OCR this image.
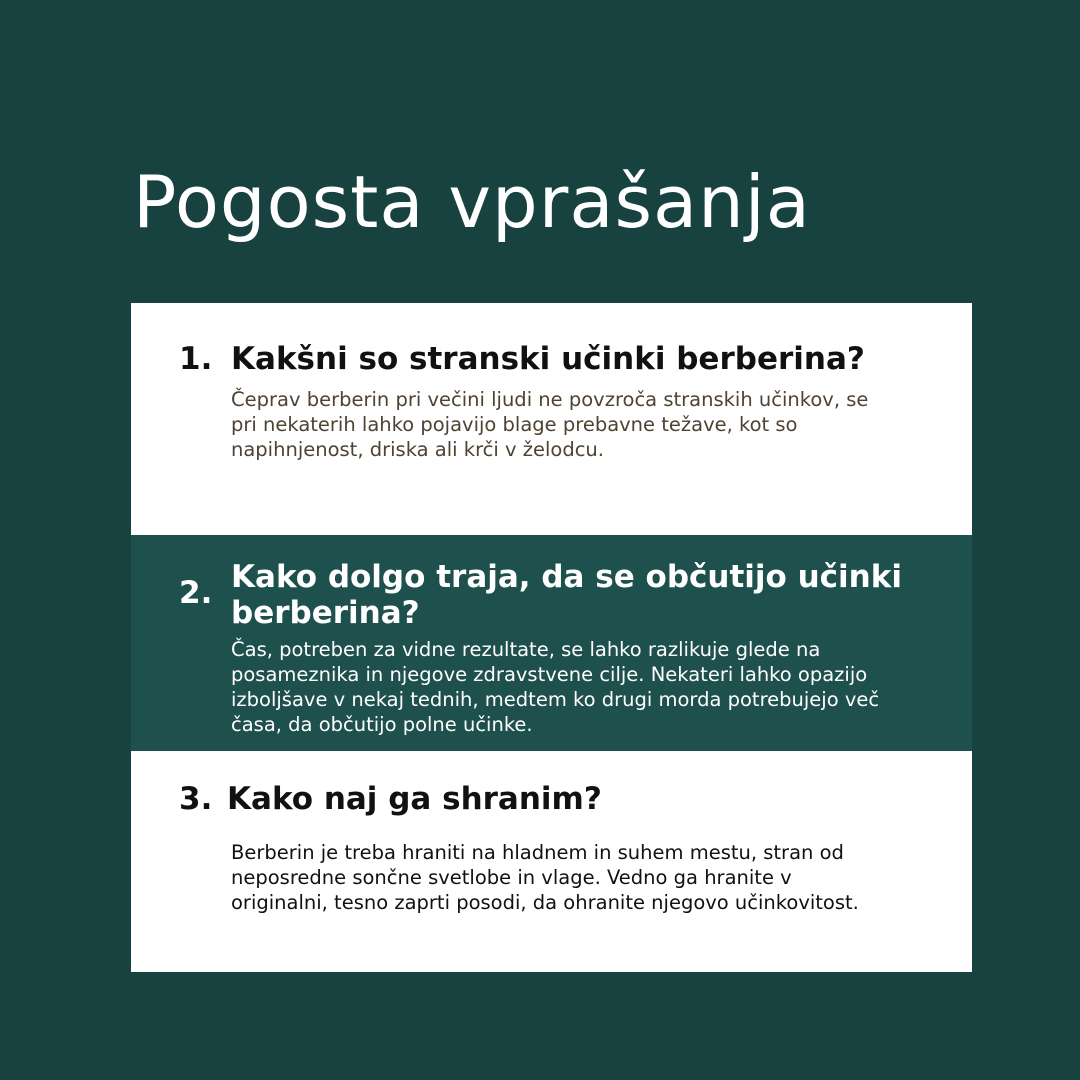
Pogosta vprašanja
1. Kakšni so stranski učinki berberina?
Čeprav berberin pri večini ljudi ne povzroča stranskih učinkov, se pri nekaterih lahko pojavijo blage prebavne težave, kot so napihnjenost, driska ali krči v želodcu.
2. Kako dolgo traja, da se občutijo učinki berberina?
Čas, potreben za vidne rezultate, se lahko razlikuje glede na posameznika in njegove zdravstvene cilje. Nekateri lahko opazijo izboljšave v nekaj tednih, medtem ko drugi morda potrebujejo več časa, da občutijo polne učinke.
3. Kako naj ga shranim?
Berberin je treba hraniti na hladnem in suhem mestu, stran od neposredne sončne svetlobe in vlage. Vedno ga hranite v originalni, tesno zaprti posodi, da ohranite njegovo učinkovitost.
